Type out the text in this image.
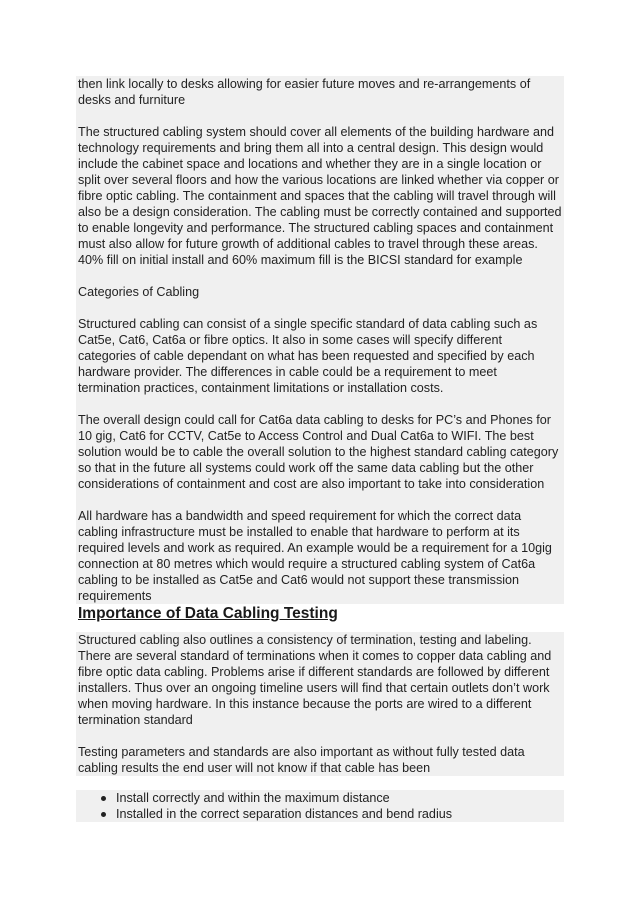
then link locally to desks allowing for easier future moves and re-arrangements of desks and furniture

The structured cabling system should cover all elements of the building hardware and technology requirements and bring them all into a central design. This design would include the cabinet space and locations and whether they are in a single location or split over several floors and how the various locations are linked whether via copper or fibre optic cabling. The containment and spaces that the cabling will travel through will also be a design consideration. The cabling must be correctly contained and supported to enable longevity and performance. The structured cabling spaces and containment must also allow for future growth of additional cables to travel through these areas. 40% fill on initial install and 60% maximum fill is the BICSI standard for example

Categories of Cabling

Structured cabling can consist of a single specific standard of data cabling such as Cat5e, Cat6, Cat6a or fibre optics. It also in some cases will specify different categories of cable dependant on what has been requested and specified by each hardware provider. The differences in cable could be a requirement to meet termination practices, containment limitations or installation costs.

The overall design could call for Cat6a data cabling to desks for PC’s and Phones for 10 gig, Cat6 for CCTV, Cat5e to Access Control and Dual Cat6a to WIFI. The best solution would be to cable the overall solution to the highest standard cabling category so that in the future all systems could work off the same data cabling but the other considerations of containment and cost are also important to take into consideration

All hardware has a bandwidth and speed requirement for which the correct data cabling infrastructure must be installed to enable that hardware to perform at its required levels and work as required. An example would be a requirement for a 10gig connection at 80 metres which would require a structured cabling system of Cat6a cabling to be installed as Cat5e and Cat6 would not support these transmission requirements

Importance of Data Cabling Testing

Structured cabling also outlines a consistency of termination, testing and labeling. There are several standard of terminations when it comes to copper data cabling and fibre optic data cabling. Problems arise if different standards are followed by different installers. Thus over an ongoing timeline users will find that certain outlets don’t work when moving hardware. In this instance because the ports are wired to a different termination standard

Testing parameters and standards are also important as without fully tested data cabling results the end user will not know if that cable has been

Install correctly and within the maximum distance
Installed in the correct separation distances and bend radius
